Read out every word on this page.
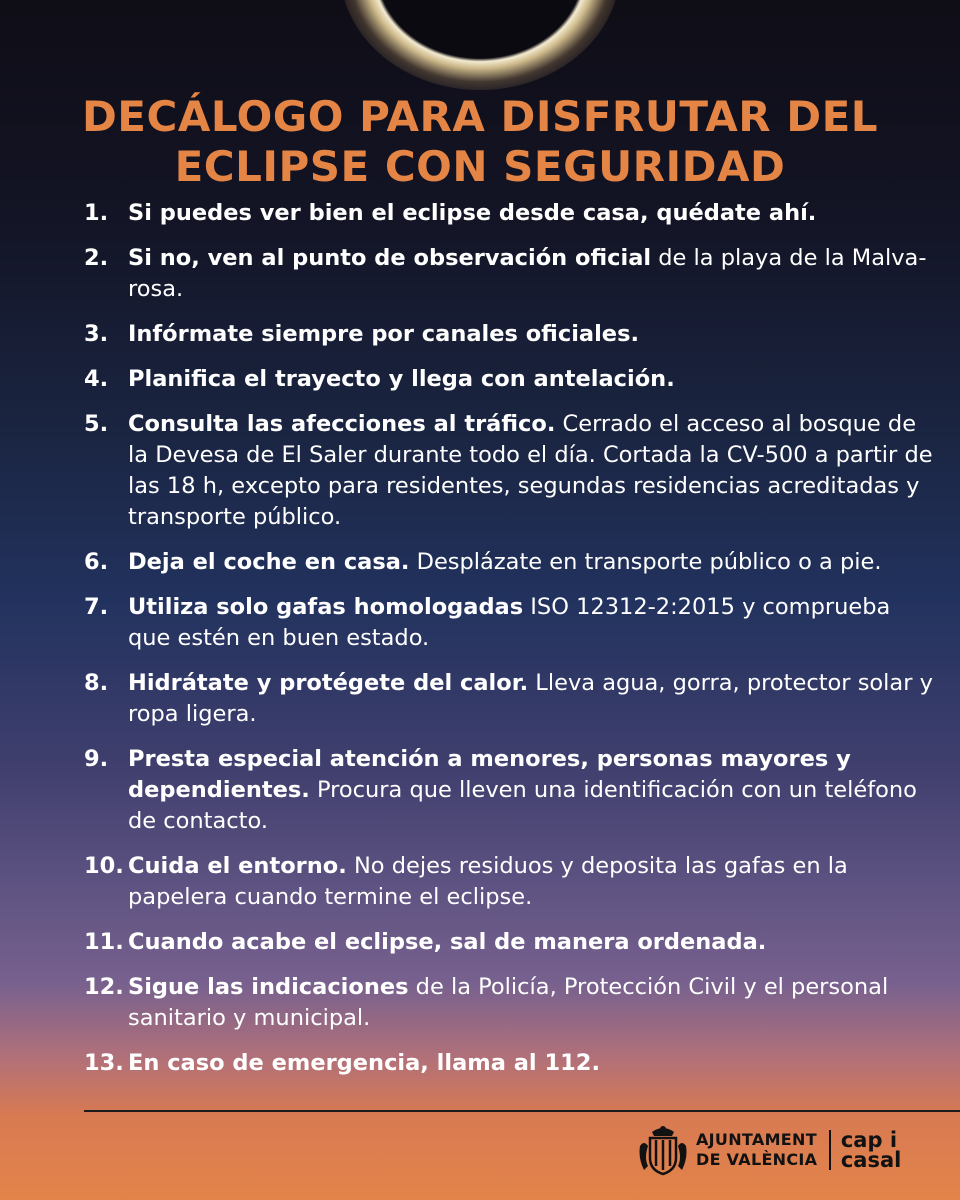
DECÁLOGO PARA DISFRUTAR DEL
ECLIPSE CON SEGURIDAD
1. Si puedes ver bien el eclipse desde casa, quédate ahí.
2. Si no, ven al punto de observación oficial de la playa de la Malva-rosa.
3. Infórmate siempre por canales oficiales.
4. Planifica el trayecto y llega con antelación.
5. Consulta las afecciones al tráfico. Cerrado el acceso al bosque de la Devesa de El Saler durante todo el día. Cortada la CV-500 a partir de las 18 h, excepto para residentes, segundas residencias acreditadas y transporte público.
6. Deja el coche en casa. Desplázate en transporte público o a pie.
7. Utiliza solo gafas homologadas ISO 12312-2:2015 y comprueba que estén en buen estado.
8. Hidrátate y protégete del calor. Lleva agua, gorra, protector solar y ropa ligera.
9. Presta especial atención a menores, personas mayores y dependientes. Procura que lleven una identificación con un teléfono de contacto.
10. Cuida el entorno. No dejes residuos y deposita las gafas en la papelera cuando termine el eclipse.
11. Cuando acabe el eclipse, sal de manera ordenada.
12. Sigue las indicaciones de la Policía, Protección Civil y el personal sanitario y municipal.
13. En caso de emergencia, llama al 112.
AJUNTAMENT
DE VALÈNCIA
cap i
casal
